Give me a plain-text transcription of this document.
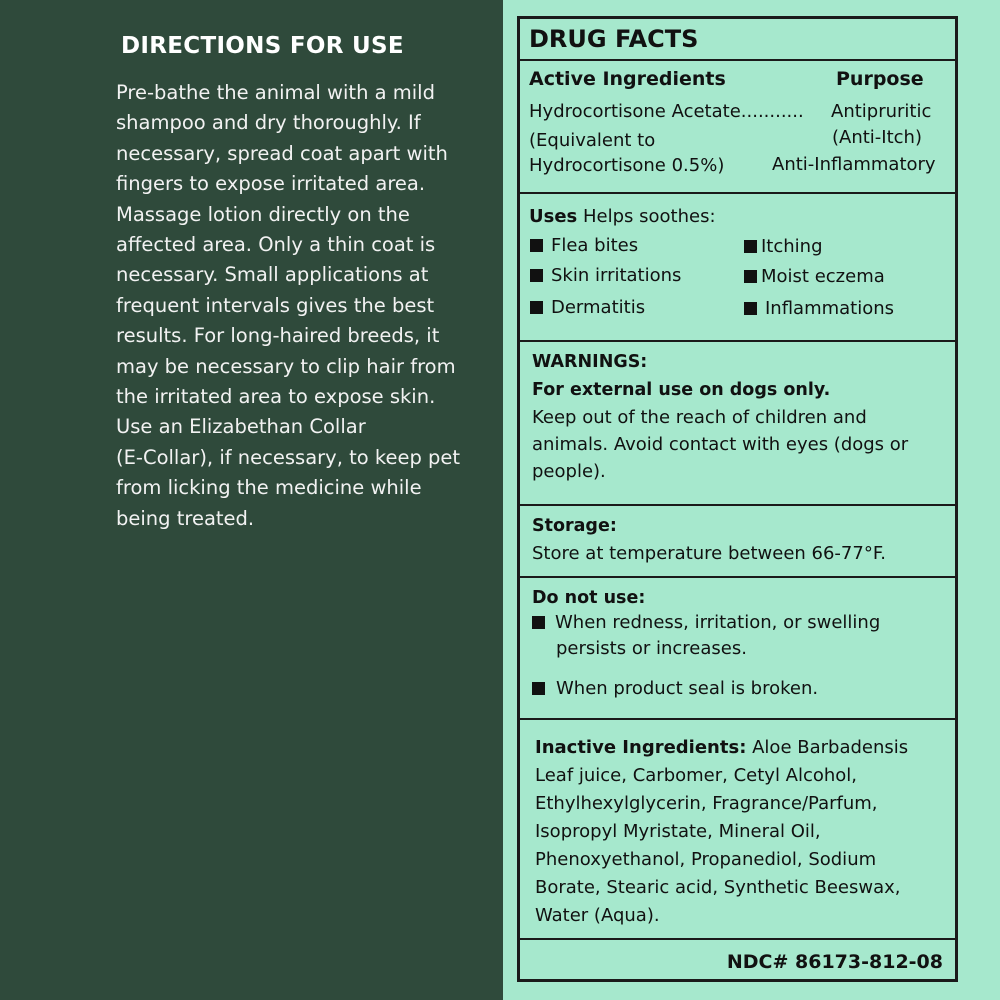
DIRECTIONS FOR USE
Pre-bathe the animal with a mild
shampoo and dry thoroughly. If
necessary, spread coat apart with
fingers to expose irritated area.
Massage lotion directly on the
affected area. Only a thin coat is
necessary. Small applications at
frequent intervals gives the best
results. For long-haired breeds, it
may be necessary to clip hair from
the irritated area to expose skin.
Use an Elizabethan Collar
(E-Collar), if necessary, to keep pet
from licking the medicine while
being treated.
DRUG FACTS
Active Ingredients	Purpose
Hydrocortisone Acetate........... Antipruritic
(Equivalent to	(Anti-Itch)
Hydrocortisone 0.5%)	Anti-Inflammatory
Uses Helps soothes:
Flea bites
Skin irritations
Dermatitis
Itching
Moist eczema
Inflammations
WARNINGS:
For external use on dogs only.
Keep out of the reach of children and
animals. Avoid contact with eyes (dogs or
people).
Storage:
Store at temperature between 66-77°F.
Do not use:
When redness, irritation, or swelling
persists or increases.
When product seal is broken.
Inactive Ingredients: Aloe Barbadensis
Leaf juice, Carbomer, Cetyl Alcohol,
Ethylhexylglycerin, Fragrance/Parfum,
Isopropyl Myristate, Mineral Oil,
Phenoxyethanol, Propanediol, Sodium
Borate, Stearic acid, Synthetic Beeswax,
Water (Aqua).
NDC# 86173-812-08
